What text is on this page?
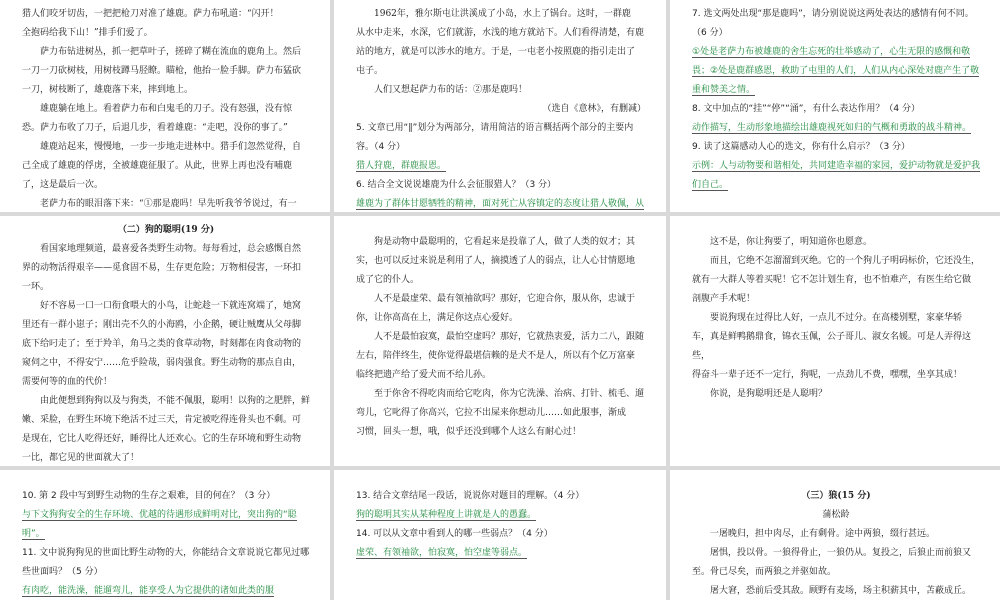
猎人们咬牙切齿，一把把枪刀对准了雄鹿。萨力布吼道：“闪开！

全抱码给我下山！”排手们爱了。

萨力布钻进树丛，抓一把草叶子，搓碎了糊在流血的鹿角上。然后

一刀一刀砍树枝，用树枝蹲马胫瞭。瞄枪，他抬一脸手脚。萨力布猛砍

一刀，树枝断了，雄鹿落下来，摔到地上。

雄鹿躺在地上。看着萨力布和白鬼毛的刀子。没有怒强，没有惊

恐。萨力布收了刀子，后退几步，看着雄鹿：“走吧，没你的事了。”

雄鹿站起来，慢慢地，一步一步地走进林中。猎手们忽然觉得，自

己全成了雄鹿的俘虏，全被雄鹿征服了。从此，世界上再也没有哺鹿

了，这是最后一次。

老萨力布的眼泪落下来：“①那是鹿吗！早先听我爷爷说过，有一

1962年，雅尔斯屯让洪溪成了小岛，水上了锅台。这时，一群鹿

从水中走来，水深，它们就游，水浅的地方就站下。人们看得清楚，有鹿

站的地方，就是可以涉水的地方。于是，一屯老小按照鹿的指引走出了

屯子。

人们又想起萨力布的话：②那是鹿吗！

（选自《意林》，有删减）

5. 文章已用“∥”划分为两部分，请用简洁的语言概括两个部分的主要内容。（4 分）

猎人狩鹿，群鹿报恩。

6. 结合全文说说雄鹿为什么会征服猎人？（3 分）

雄鹿为了群体甘愿牺牲的精神，面对死亡从容镇定的态度让猎人敬佩，从

7. 选文两处出现“那是鹿吗”，请分别说说这两处表达的感情有何不同。（6 分）

①处是老萨力布被雄鹿的舍生忘死的壮举感动了，心生无限的感慨和敬畏；②处是鹿群感恩，救助了屯里的人们，人们从内心深处对鹿产生了敬重和赞美之情。

8. 文中加点的“挂”“停”“涌”，有什么表达作用？（4 分）

动作描写，生动形象地描绘出雄鹿视死如归的气概和勇敢的战斗精神。

9. 读了这篇感动人心的选文，你有什么启示？（3 分）

示例：人与动物要和谐相处，共同建造幸福的家园，爱护动物就是爱护我们自己。

（二）狗的聪明(19 分)

看国家地理频道，最喜爱各类野生动物。每每看过，总会感慨自然

界的动物活得艰辛——觅食固不易，生存更危险；万物相侵害，一环扣

一环。

好不容易一口一口衔食喂大的小鸟，让蛇趁一下就连窝端了，她窝

里还有一群小崽子；刚出壳不久的小海鸥，小企鹅，硬让贼鹰从父母脚

底下给叼走了；至于羚羊，角马之类的食草动物，时刻都在肉食动物的

窥伺之中，不得安宁……危乎险哉，弱肉强食。野生动物的那点自由，

需要何等的血的代价！

由此便想到狗狗以及与狗类，不能不佩服，聪明！以狗的之肥胖，鲜

嫩、采脸，在野生环境下绝活不过三天，肯定被吃得连骨头也不剩。可

是现在，它比人吃得还好，睡得比人还欢心。它的生存环境和野生动物

一比，都它见的世面就大了！

狗是动物中最聪明的，它看起来是投靠了人，做了人类的奴才；其

实，也可以反过来说是利用了人，摘摸透了人的弱点，让人心甘情愿地

成了它的仆人。

人不是最虚荣、最有领袖欲吗？那好，它迎合你，服从你，忠诚于

你，让你高高在上，满足你这点心爱好。

人不是最怕寂寞，最怕空虚吗？那好，它就热衷爱，活力二八，跟随

左右，陪伴终生，使你觉得最堪信赖的是犬不是人，所以有个亿万富豪

临终把遗产给了爱犬而不给儿孙。

至于你舍不得吃肉而给它吃肉，你为它洗澡、治病、打针、梳毛、遛

弯儿，它叱得了你高兴，它拉不出屎来你想动儿……如此服事，渐成

习惯，回头一想，哦，似乎还没到哪个人这么有耐心过！

这不是，你让狗要了，明知道你也愿意。

而且，它绝不怎溜溜到灭绝。它的一个狗儿子明码标价，它还没生，

就有一大群人等着买呢！它不怎计划生育，也不怕难产，有医生给它做

剖腹产手术呢！

要说狗现在过得比人好，一点儿不过分。在高楼别墅，家豪华轿

车，真是鲜鸭鹅鼎食，锦衣玉佩，公子哥儿、淑女名媛。可是人弄得这些，

得奋斗一辈子还不一定行，狗呢，一点劲儿不费，嘿嘿，坐享其成！

你说，是狗聪明还是人聪明？

10. 第 2 段中写到野生动物的生存之艰难，目的何在？（3 分）

与下文狗狗安全的生存环境、优越的待遇形成鲜明对比，突出狗的“聪明”。

11. 文中说狗狗见的世面比野生动物的大，你能结合文章说说它都见过哪些世面吗？（5 分）

有肉吃，能洗澡，能遛弯儿，能享受人为它提供的诸如此类的服

13. 结合文章结尾一段话，说说你对题目的理解。（4 分）

狗的聪明其实从某种程度上讲就是人的愚蠢。

14. 可以从文章中看到人的哪一些弱点？（4 分）

虚荣、有领袖欲，怕寂寞，怕空虚等弱点。

（三）狼(15 分)

蒲松龄

一屠晚归，担中肉尽，止有剩骨。途中两狼，缀行甚远。

屠惧，投以骨。一狼得骨止，一狼仍从。复投之，后狼止而前狼又

至。骨已尽矣，而两狼之并驱如故。

屠大窘，恐前后受其敌。顾野有麦场，场主积薪其中，苫蔽成丘。
